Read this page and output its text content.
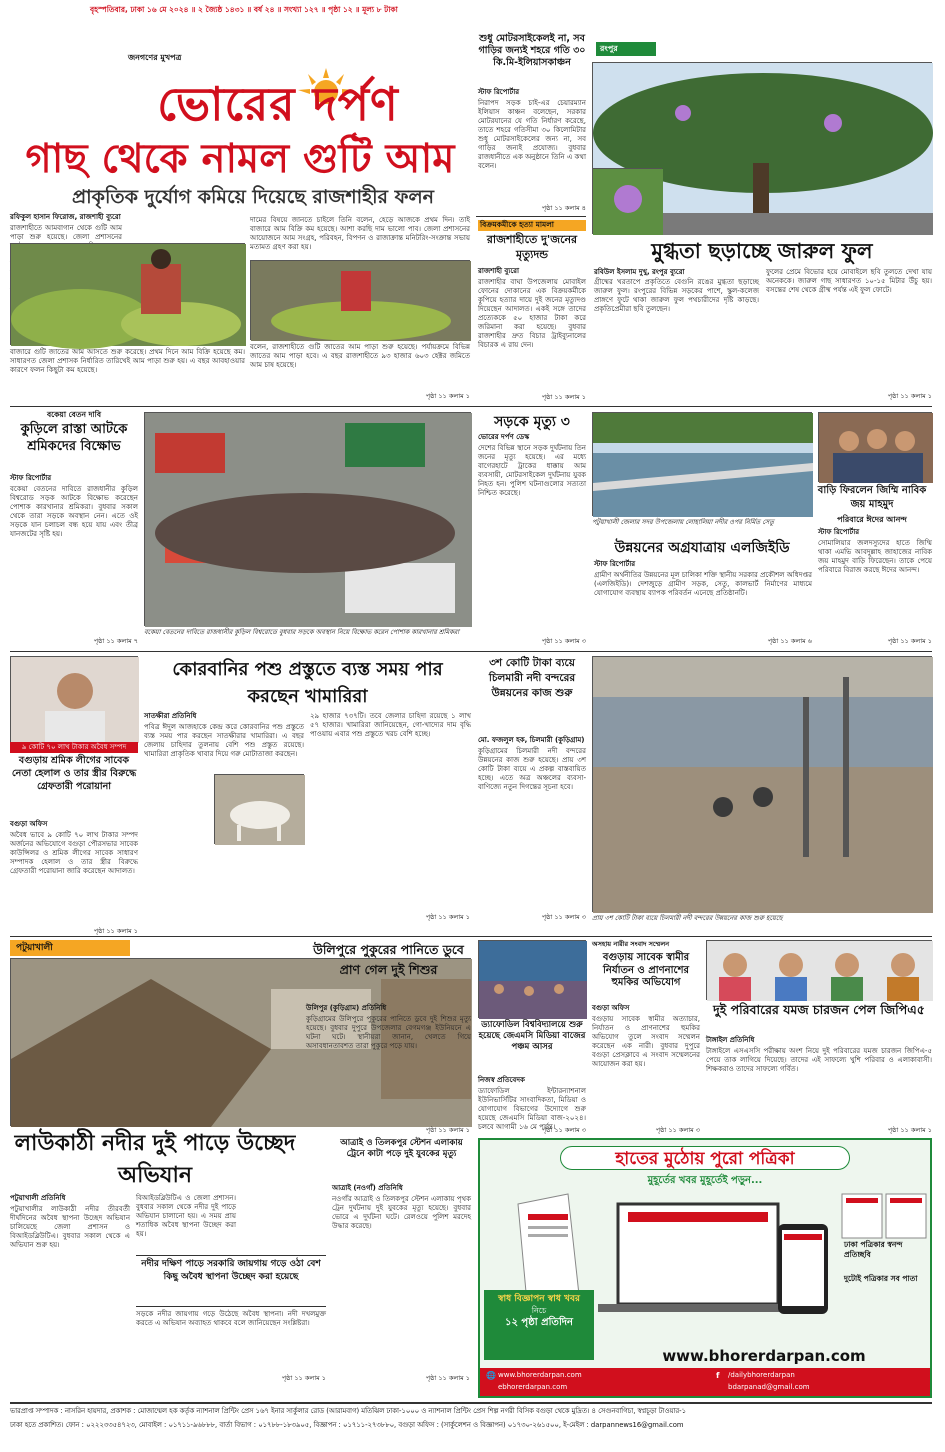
বৃহস্পতিবার, ঢাকা ১৬ মে ২০২৪ ॥ ২ জ্যৈষ্ঠ ১৪৩১ ॥ বর্ষ ২৪ ॥ সংখ্যা ১২৭ ॥ পৃষ্ঠা ১২ ॥ মূল্য ৮ টাকা
জনগণের মুখপত্র
ভোরের দর্পণ
গাছ থেকে নামল গুটি আম
প্রাকৃতিক দুর্যোগ কমিয়ে দিয়েছে রাজশাহীর ফলন
রফিকুল হাসান ফিরোজ, রাজশাহী ব্যুরো
রাজশাহীতে আমবাগান থেকে গুটি আম পাড়া শুরু হয়েছে। জেলা প্রশাসনের
বাজারে গুটি জাতের আম আসতে শুরু করেছে। প্রথম দিনে আম বিক্রি হয়েছে কম। সাধারণত জেলা প্রশাসক নির্ধারিত তারিখেই আম পাড়া শুরু হয়। এ বছর আবহাওয়ার কারণে ফলন কিছুটা কম হয়েছে।
দামের বিষয়ে জানতে চাইলে তিনি বলেন, হেড়ে আজকে প্রথম দিন। তাই বাজারে আম বিক্রি কম হয়েছে। আশা করছি দাম ভালো পাব। জেলা প্রশাসনের আয়োজনে আম সংগ্রহ, পরিবহন, বিপণন ও রাজাক্রান্ত মনিটরিং-সংক্রান্ত সভায় মতামত গ্রহণ করা হয়।
বলেন, রাজশাহীতে গুটি জাতের আম পাড়া শুরু হয়েছে। পর্যায়ক্রমে বিভিন্ন জাতের আম পাড়া হবে। এ বছর রাজশাহীতে ৯৩ হাজার ৬০৩ হেক্টর জমিতে আম চাষ হয়েছে।
পৃষ্ঠা ১১ কলাম ১
শুধু মোটরসাইকেলই না, সব গাড়ির জন্যই শহরে গতি ৩০ কি.মি-ইলিয়াসকাঞ্চন
স্টাফ রিপোর্টার
নিরাপদ সড়ক চাই-এর চেয়ারম্যান ইলিয়াস কাঞ্চন বলেছেন, সরকার মোটরযানের যে গতি নির্ধারণ করেছে, তাতে শহরে গতিসীমা ৩০ কিলোমিটার শুধু মোটরসাইকেলের জন্য না, সব গাড়ির জন্যই প্রযোজ্য। বুধবার রাজধানীতে এক অনুষ্ঠানে তিনি এ কথা বলেন।
পৃষ্ঠা ১১ কলাম ৪
বিক্রমকমীকে হত্যা মামলা
রাজশাহীতে দু'জনের মৃত্যুদন্ড
রাজশাহী ব্যুরো
রাজশাহীর বাঘা উপজেলায় মোবাইল ফোনের দোকানের এক বিক্রয়কর্মীকে কুপিয়ে হত্যার দায়ে দুই জনের মৃত্যুদণ্ড দিয়েছেন আদালত। একই সঙ্গে তাদের প্রত্যেককে ৫০ হাজার টাকা করে জরিমানা করা হয়েছে। বুধবার রাজশাহীর দ্রুত বিচার ট্রাইব্যুনালের বিচারক এ রায় দেন।
পৃষ্ঠা ১১ কলাম ১
রংপুর
মুগ্ধতা ছড়াচ্ছে জারুল ফুল
রবিউল ইসলাম দুখু, রংপুর ব্যুরো
গ্রীষ্মের খরতাপে প্রকৃতিতে বেগুনি রঙের মুগ্ধতা ছড়াচ্ছে জারুল ফুল। রংপুরের বিভিন্ন সড়কের পাশে, স্কুল-কলেজ প্রাঙ্গণে ফুটে থাকা জারুল ফুল পথচারীদের দৃষ্টি কাড়ছে। প্রকৃতিপ্রেমীরা ছবি তুলছেন।
ফুলের প্রেমে বিভোর হয়ে মোবাইলে ছবি তুলতে দেখা যায় অনেককে। জারুল গাছ সাধারণত ১০-১৫ মিটার উঁচু হয়। বসন্তের শেষ থেকে গ্রীষ্ম পর্যন্ত এই ফুল ফোটে।
পৃষ্ঠা ১১ কলাম ১
বকেয়া বেতন দাবি
কুড়িলে রাস্তা আটকে শ্রমিকদের বিক্ষোভ
স্টাফ রিপোর্টার
বকেয়া বেতনের দাবিতে রাজধানীর কুড়িল বিশ্বরোড সড়ক আটকে বিক্ষোভ করেছেন পোশাক কারখানার শ্রমিকরা। বুধবার সকাল থেকে তারা সড়কে অবস্থান নেন। এতে ওই সড়কে যান চলাচল বন্ধ হয়ে যায় এবং তীব্র যানজটের সৃষ্টি হয়।
পৃষ্ঠা ১১ কলাম ৭
বকেয়া বেতনের দাবিতে রাজধানীর কুড়িল বিশ্বরোডে বুধবার সড়কে অবস্থান নিয়ে বিক্ষোভ করেন পোশাক কারখানার শ্রমিকরা
সড়কে মৃত্যু ৩
ভোরের দর্পণ ডেস্ক
দেশের বিভিন্ন স্থানে সড়ক দুর্ঘটনায় তিন জনের মৃত্যু হয়েছে। এর মধ্যে বাগেরহাটে ট্রাকের ধাক্কায় আম ব্যবসায়ী, মোটরসাইকেল দুর্ঘটনায় যুবক নিহত হন। পুলিশ ঘটনাগুলোর সত্যতা নিশ্চিত করেছে।
পৃষ্ঠা ১১ কলাম ৩
পটুয়াখালী জেলার সদর উপজেলায় লোহালিয়া নদীর ওপর নির্মিত সেতু
উন্নয়নের অগ্রযাত্রায় এলজিইডি
স্টাফ রিপোর্টার
গ্রামীণ অর্থনীতির উন্নয়নের মূল চালিকা শক্তি স্থানীয় সরকার প্রকৌশল অধিদপ্তর (এলজিইডি)। দেশজুড়ে গ্রামীণ সড়ক, সেতু, কালভার্ট নির্মাণের মাধ্যমে যোগাযোগ ব্যবস্থায় ব্যাপক পরিবর্তন এনেছে প্রতিষ্ঠানটি।
পৃষ্ঠা ১১ কলাম ৬
বাড়ি ফিরলেন জিম্মি নাবিক জয় মাহমুদ
পরিবারে ঈদের আনন্দ
স্টাফ রিপোর্টার
সোমালিয়ার জলদস্যুদের হাতে জিম্মি থাকা এমভি আবদুল্লাহ জাহাজের নাবিক জয় মাহমুদ বাড়ি ফিরেছেন। তাকে পেয়ে পরিবারে বিরাজ করছে ঈদের আনন্দ।
পৃষ্ঠা ১১ কলাম ১
৯ কোটি ৭০ লাখ টাকার অবৈধ সম্পদ
বগুড়ায় শ্রমিক লীগের সাবেক নেতা হেলাল ও তার স্ত্রীর বিরুদ্ধে গ্রেফতারী পরোয়ানা
বগুড়া অফিস
অবৈধ ভাবে ৯ কোটি ৭০ লাখ টাকার সম্পদ অর্জনের অভিযোগে বগুড়া পৌরসভার সাবেক কাউন্সিলর ও শ্রমিক লীগের সাবেক সাধারণ সম্পাদক হেলাল ও তার স্ত্রীর বিরুদ্ধে গ্রেফতারী পরোয়ানা জারি করেছেন আদালত।
পৃষ্ঠা ১১ কলাম ১
কোরবানির পশু প্রস্তুতে ব্যস্ত সময় পার করছেন খামারিরা
সাতক্ষীরা প্রতিনিধি
পবিত্র ঈদুল আজহাকে কেন্দ্র করে কোরবানির পশু প্রস্তুতে ব্যস্ত সময় পার করছেন সাতক্ষীরার খামারিরা। এ বছর জেলায় চাহিদার তুলনায় বেশি পশু প্রস্তুত রয়েছে। খামারিরা প্রাকৃতিক খাবার দিয়ে গরু মোটাতাজা করছেন।
২৯ হাজার ৭৩৭টি। তবে জেলার চাহিদা রয়েছে ১ লাখ ৫৭ হাজার। খামারিরা জানিয়েছেন, গো-খাদ্যের দাম বৃদ্ধি পাওয়ায় এবার পশু প্রস্তুতে খরচ বেশি হচ্ছে।
পৃষ্ঠা ১১ কলাম ১
৩শ কোটি টাকা ব্যয়ে চিলমারী নদী বন্দরের উন্নয়নের কাজ শুরু
মো. ফজলুল হক, চিলমারী (কুড়িগ্রাম)
কুড়িগ্রামের চিলমারী নদী বন্দরের উন্নয়নের কাজ শুরু হয়েছে। প্রায় ৩শ কোটি টাকা ব্যয়ে এ প্রকল্প বাস্তবায়িত হচ্ছে। এতে অত্র অঞ্চলের ব্যবসা-বাণিজ্যে নতুন দিগন্তের সূচনা হবে।
পৃষ্ঠা ১১ কলাম ৩ প্রায় ৩শ কোটি টাকা ব্যয়ে চিলমারী নদী বন্দরের উন্নয়নের কাজ শুরু হয়েছে
পটুয়াখালী
লাউকাঠী নদীর দুই পাড়ে উচ্ছেদ অভিযান
পটুয়াখালী প্রতিনিধি
পটুয়াখালীর লাউকাঠী নদীর তীরবর্তী দীর্ঘদিনের অবৈধ স্থাপনা উচ্ছেদ অভিযান চালিয়েছে জেলা প্রশাসন ও বিআইডব্লিউটিএ। বুধবার সকাল থেকে এ অভিযান শুরু হয়।
বিআইডব্লিউটিএ ও জেলা প্রশাসন। বুধবার সকাল থেকে নদীর দুই পাড়ে অভিযান চালানো হয়। এ সময় প্রায় শতাধিক অবৈধ স্থাপনা উচ্ছেদ করা হয়।
নদীর দক্ষিণ পাড়ে সরকারি জায়গায় গড়ে ওঠা বেশ কিছু অবৈধ স্থাপনা উচ্ছেদ করা হয়েছে
সড়কে নদীর জায়গায় গড়ে উঠেছে অবৈধ স্থাপনা। নদী দখলমুক্ত করতে এ অভিযান অব্যাহত থাকবে বলে জানিয়েছেন সংশ্লিষ্টরা।
পৃষ্ঠা ১১ কলাম ১
উলিপুরে পুকুরের পানিতে ডুবে প্রাণ গেল দুই শিশুর
উলিপুর (কুড়িগ্রাম) প্রতিনিধি
কুড়িগ্রামের উলিপুরে পুকুরের পানিতে ডুবে দুই শিশুর মৃত্যু হয়েছে। বুধবার দুপুরে উপজেলার বেগমগঞ্জ ইউনিয়নে এ ঘটনা ঘটে। স্থানীয়রা জানান, খেলতে গিয়ে অসাবধানতাবশত তারা পুকুরে পড়ে যায়।
পৃষ্ঠা ১১ কলাম ১
আত্রাই ও তিলকপুর স্টেশন এলাকায় ট্রেনে কাটা পড়ে দুই যুবকের মৃত্যু
আত্রাই (নওগাঁ) প্রতিনিধি
নওগাঁর আত্রাই ও তিলকপুর স্টেশন এলাকায় পৃথক ট্রেন দুর্ঘটনায় দুই যুবকের মৃত্যু হয়েছে। বুধবার ভোরে এ দুর্ঘটনা ঘটে। রেলওয়ে পুলিশ মরদেহ উদ্ধার করেছে।
পৃষ্ঠা ১১ কলাম ১
ড্যাফোডিল বিশ্ববিদ্যালয়ে শুরু হয়েছে জেএমসি মিডিয়া বাজের পঞ্চম আসর
নিজস্ব প্রতিবেদক
ড্যাফোডিল ইন্টারন্যাশনাল ইউনিভার্সিটির সাংবাদিকতা, মিডিয়া ও যোগাযোগ বিভাগের উদ্যোগে শুরু হয়েছে জেএমসি মিডিয়া বাজ-২০২৪। চলবে আগামী ১৬ মে পর্যন্ত।
পৃষ্ঠা ১১ কলাম ৩
অসহায় নারীর সংবাদ সম্মেলন
বগুড়ায় সাবেক স্বামীর নির্যাতন ও প্রাণনাশের হুমকির অভিযোগ
বগুড়া অফিস
বগুড়ায় সাবেক স্বামীর অত্যাচার, নির্যাতন ও প্রাণনাশের হুমকির অভিযোগ তুলে সংবাদ সম্মেলন করেছেন এক নারী। বুধবার দুপুরে বগুড়া প্রেসক্লাবে এ সংবাদ সম্মেলনের আয়োজন করা হয়।
পৃষ্ঠা ১১ কলাম ৩
দুই পরিবারের যমজ চারজন পেল জিপিএ৫
টাঙ্গাইল প্রতিনিধি
টাঙ্গাইলে এসএসসি পরীক্ষায় অংশ নিয়ে দুই পরিবারের যমজ চারজন জিপিএ-৫ পেয়ে তাক লাগিয়ে দিয়েছে। তাদের এই সাফল্যে খুশি পরিবার ও এলাকাবাসী। শিক্ষকরাও তাদের সাফল্যে গর্বিত।
পৃষ্ঠা ১১ কলাম ১
হাতের মুঠোয় পুরো পত্রিকা
মুহূর্তের খবর মুহূর্তেই পড়ুন...
স্বাধ বিজ্ঞাপন স্বাধ খবর
নিচে
১২ পৃষ্ঠা প্রতিদিন
ঢাকা পত্রিকার স্বনন্দ প্রতিচ্ছবি
দুটোই পত্রিকার সব পাতা
www.bhorerdarpan.com
🌐 www.bhorerdarpan.com
ebhorerdarpan.com
f /dailybhorerdarpan
bdarpanad@gmail.com
ভারপ্রাপ্ত সম্পাদক : নাসরিন হায়দার, প্রকাশক : মোজাম্মেল হক কর্তৃক ন্যাশনাল প্রিন্টিং প্রেস ১৬৭ ইনার সার্কুলার রোড (আরামবাগ) মতিঝিল ঢাকা-১০০০ ও ন্যাশনাল প্রিন্টিং প্রেস শিল্প নগরী বিসিক বগুড়া থেকে মুদ্রিত। ৪ সেগুনবাগিচা, স্বপ্নচূড়া টাওয়ার-১
ঢাকা হতে প্রকাশিত। ফোন : ০২২২৩৩৫৪৭২৩, মোবাইল : ০১৭১১-৯৬৮৮৮, বার্তা বিভাগ : ০১৭৮৮-১৮৩৯০৫, বিজ্ঞাপন : ০১৭১১-২৭৩৮৮০, বগুড়া অফিস : (সার্কুলেশন ও বিজ্ঞাপন) ০১৭৩০-২৬১৫০০, ই-মেইল : darpannews16@gmail.com
